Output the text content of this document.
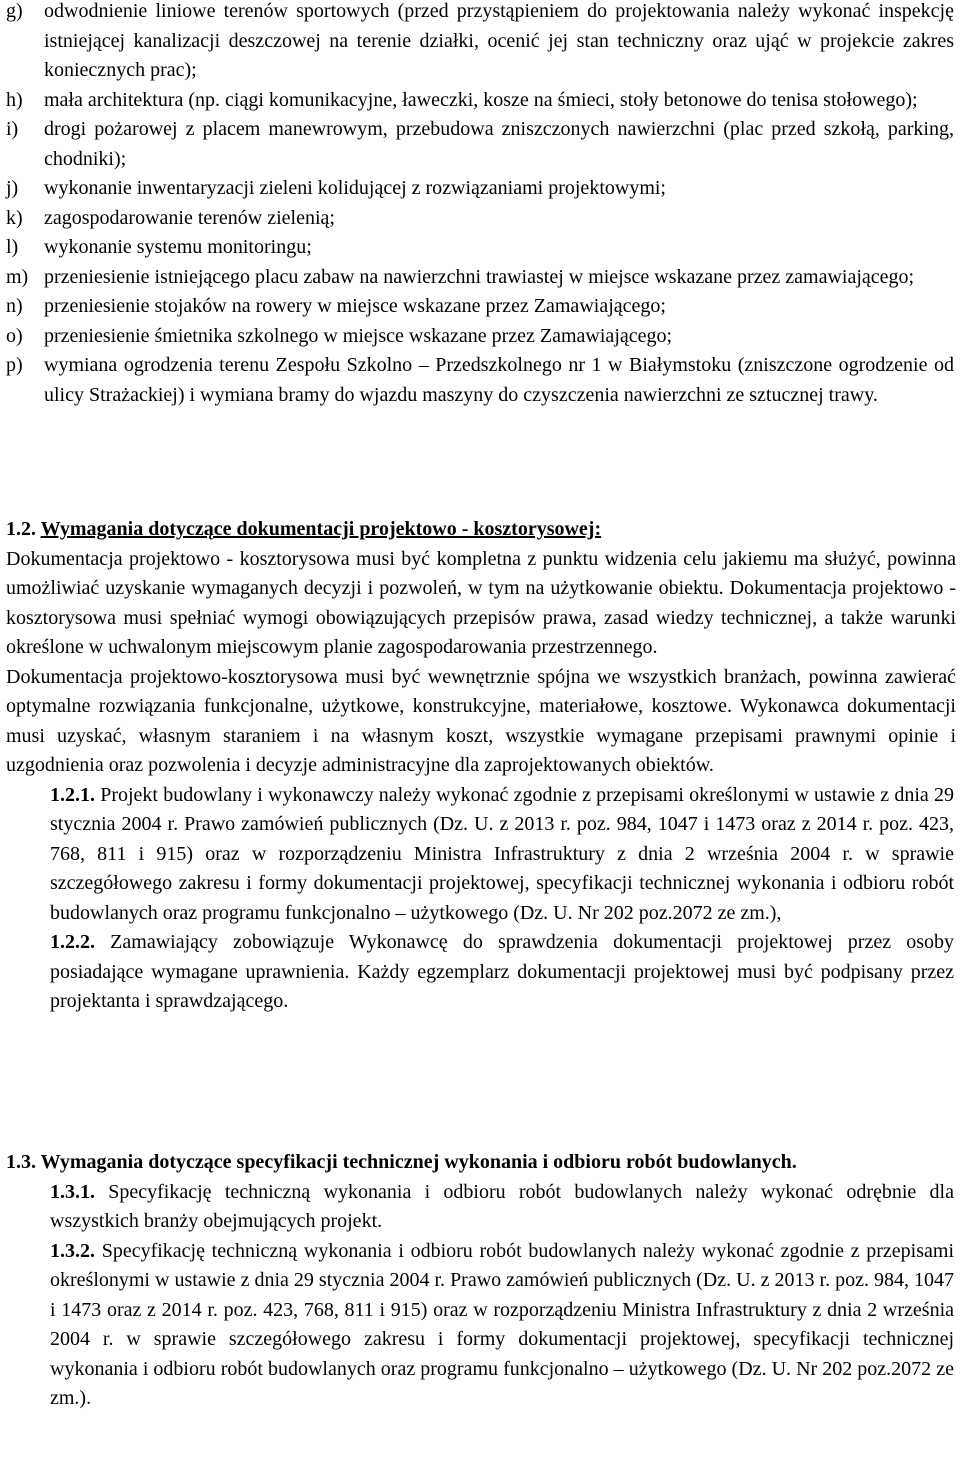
g)	odwodnienie liniowe terenów sportowych (przed przystąpieniem do projektowania należy wykonać inspekcję istniejącej kanalizacji deszczowej na terenie działki, ocenić jej stan techniczny oraz ująć w projekcie zakres koniecznych prac);
h)	mała architektura (np. ciągi komunikacyjne, ławeczki, kosze na śmieci, stoły betonowe do tenisa stołowego);
i)	drogi pożarowej z placem manewrowym, przebudowa zniszczonych nawierzchni (plac przed szkołą, parking, chodniki);
j)	wykonanie inwentaryzacji zieleni kolidującej z rozwiązaniami projektowymi;
k)	zagospodarowanie terenów zielenią;
l)	wykonanie systemu monitoringu;
m) przeniesienie istniejącego placu zabaw na nawierzchni trawiastej w miejsce wskazane przez zamawiającego;
n)	przeniesienie stojaków na rowery w miejsce wskazane przez Zamawiającego;
o)	przeniesienie śmietnika szkolnego w miejsce wskazane przez Zamawiającego;
p)	wymiana ogrodzenia terenu Zespołu Szkolno – Przedszkolnego nr 1 w Białymstoku (zniszczone ogrodzenie od ulicy Strażackiej) i wymiana bramy do wjazdu maszyny do czyszczenia nawierzchni ze sztucznej trawy.
1.2. Wymagania dotyczące dokumentacji projektowo - kosztorysowej:

Dokumentacja projektowo - kosztorysowa musi być kompletna z punktu widzenia celu jakiemu ma służyć, powinna umożliwiać uzyskanie wymaganych decyzji i pozwoleń, w tym na użytkowanie obiektu. Dokumentacja projektowo - kosztorysowa musi spełniać wymogi obowiązujących przepisów prawa, zasad wiedzy technicznej, a także warunki określone w uchwalonym miejscowym planie zagospodarowania przestrzennego.

Dokumentacja projektowo-kosztorysowa musi być wewnętrznie spójna we wszystkich branżach, powinna zawierać optymalne rozwiązania funkcjonalne, użytkowe, konstrukcyjne, materiałowe, kosztowe. Wykonawca dokumentacji musi uzyskać, własnym staraniem i na własnym koszt, wszystkie wymagane przepisami prawnymi opinie i uzgodnienia oraz pozwolenia i decyzje administracyjne dla zaprojektowanych obiektów.

1.2.1. Projekt budowlany i wykonawczy należy wykonać zgodnie z przepisami określonymi w ustawie z dnia 29 stycznia 2004 r. Prawo zamówień publicznych (Dz. U. z 2013 r. poz. 984, 1047 i 1473 oraz z 2014 r. poz. 423, 768, 811 i 915) oraz w rozporządzeniu Ministra Infrastruktury z dnia 2 września 2004 r. w sprawie szczegółowego zakresu i formy dokumentacji projektowej, specyfikacji technicznej wykonania i odbioru robót budowlanych oraz programu funkcjonalno – użytkowego (Dz. U. Nr 202 poz.2072 ze zm.),

1.2.2. Zamawiający zobowiązuje Wykonawcę do sprawdzenia dokumentacji projektowej przez osoby posiadające wymagane uprawnienia. Każdy egzemplarz dokumentacji projektowej musi być podpisany przez projektanta i sprawdzającego.

1.3. Wymagania dotyczące specyfikacji technicznej wykonania i odbioru robót budowlanych.

1.3.1. Specyfikację techniczną wykonania i odbioru robót budowlanych należy wykonać odrębnie dla wszystkich branży obejmujących projekt.

1.3.2. Specyfikację techniczną wykonania i odbioru robót budowlanych należy wykonać zgodnie z przepisami określonymi w ustawie z dnia 29 stycznia 2004 r. Prawo zamówień publicznych (Dz. U. z 2013 r. poz. 984, 1047 i 1473 oraz z 2014 r. poz. 423, 768, 811 i 915) oraz w rozporządzeniu Ministra Infrastruktury z dnia 2 września 2004 r. w sprawie szczegółowego zakresu i formy dokumentacji projektowej, specyfikacji technicznej wykonania i odbioru robót budowlanych oraz programu funkcjonalno – użytkowego (Dz. U. Nr 202 poz.2072 ze zm.).
